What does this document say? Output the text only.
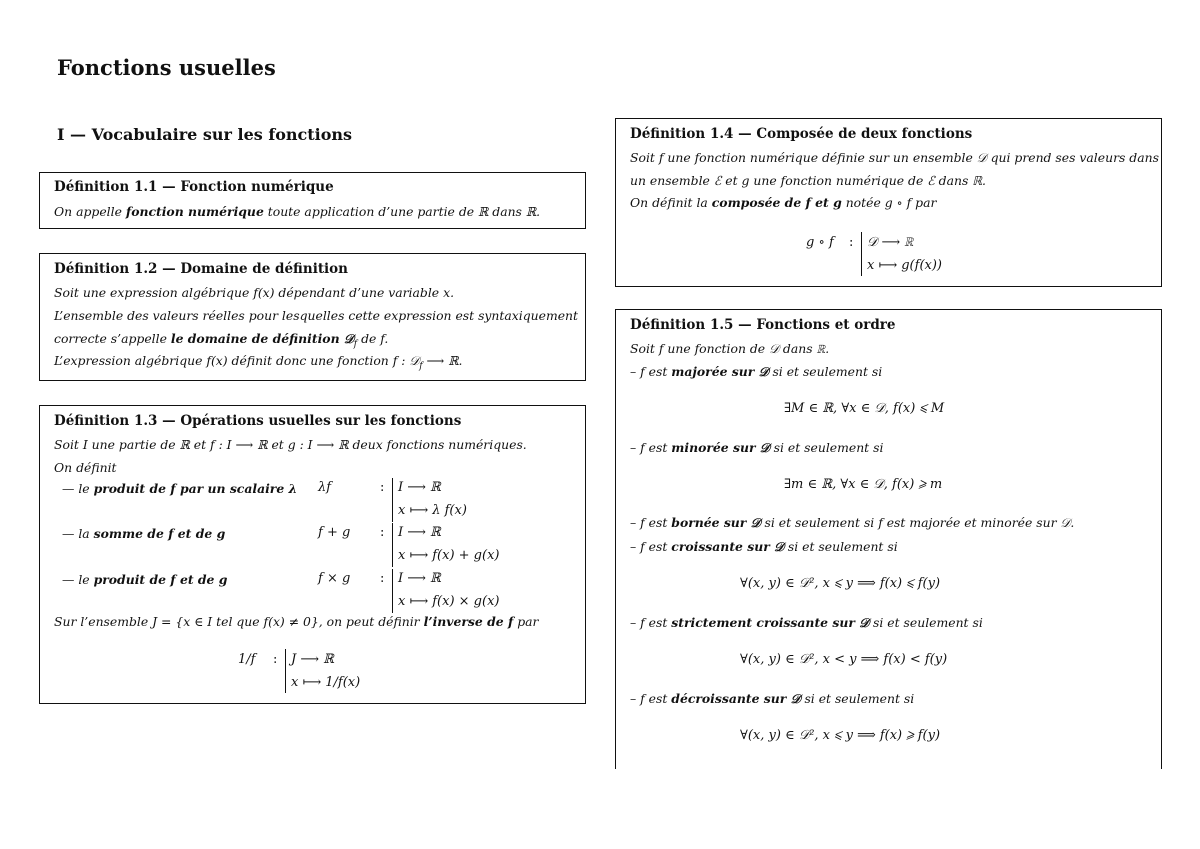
Fonctions usuelles
I — Vocabulaire sur les fonctions
Définition 1.1 — Fonction numérique
On appelle fonction numérique toute application d’une partie de ℝ dans ℝ.
Définition 1.2 — Domaine de définition
Soit une expression algébrique f(x) dépendant d’une variable x.
L’ensemble des valeurs réelles pour lesquelles cette expression est syntaxiquement
correcte s’appelle le domaine de définition 𝒟$_f$ de f.
L’expression algébrique f(x) définit donc une fonction f : 𝒟$_f$ ⟶ ℝ.
Définition 1.3 — Opérations usuelles sur les fonctions
Soit I une partie de ℝ et f : I ⟶ ℝ et g : I ⟶ ℝ deux fonctions numériques.
On définit
— le produit de f par un scalaire λ λf	: I ⟶ ℝ
x ⟼ λ f(x)
— la somme de f et de g	f + g : I ⟶ ℝ
x ⟼ f(x) + g(x)
— le produit de f et de g	f × g : I ⟶ ℝ
x ⟼ f(x) × g(x)
Sur l’ensemble J = {x ∈ I tel que f(x) ≠ 0}, on peut définir l’inverse de f par
1/f : J ⟶ ℝ
x ⟼ 1/f(x)
Définition 1.4 — Composée de deux fonctions
Soit f une fonction numérique définie sur un ensemble 𝒟 qui prend ses valeurs dans
un ensemble ℰ et g une fonction numérique de ℰ dans ℝ.
On définit la composée de f et g notée g ∘ f par
g ∘ f : 𝒟 ⟶ ℝ
x ⟼ g(f(x))
Définition 1.5 — Fonctions et ordre
Soit f une fonction de 𝒟 dans ℝ.
– f est majorée sur 𝒟 si et seulement si
∃M ∈ ℝ, ∀x ∈ 𝒟, f(x) ⩽ M
– f est minorée sur 𝒟 si et seulement si
∃m ∈ ℝ, ∀x ∈ 𝒟, f(x) ⩾ m
– f est bornée sur 𝒟 si et seulement si f est majorée et minorée sur 𝒟.
– f est croissante sur 𝒟 si et seulement si
∀(x, y) ∈ 𝒟², x ⩽ y ⟹ f(x) ⩽ f(y)
– f est strictement croissante sur 𝒟 si et seulement si
∀(x, y) ∈ 𝒟², x < y ⟹ f(x) < f(y)
– f est décroissante sur 𝒟 si et seulement si
∀(x, y) ∈ 𝒟², x ⩽ y ⟹ f(x) ⩾ f(y)
